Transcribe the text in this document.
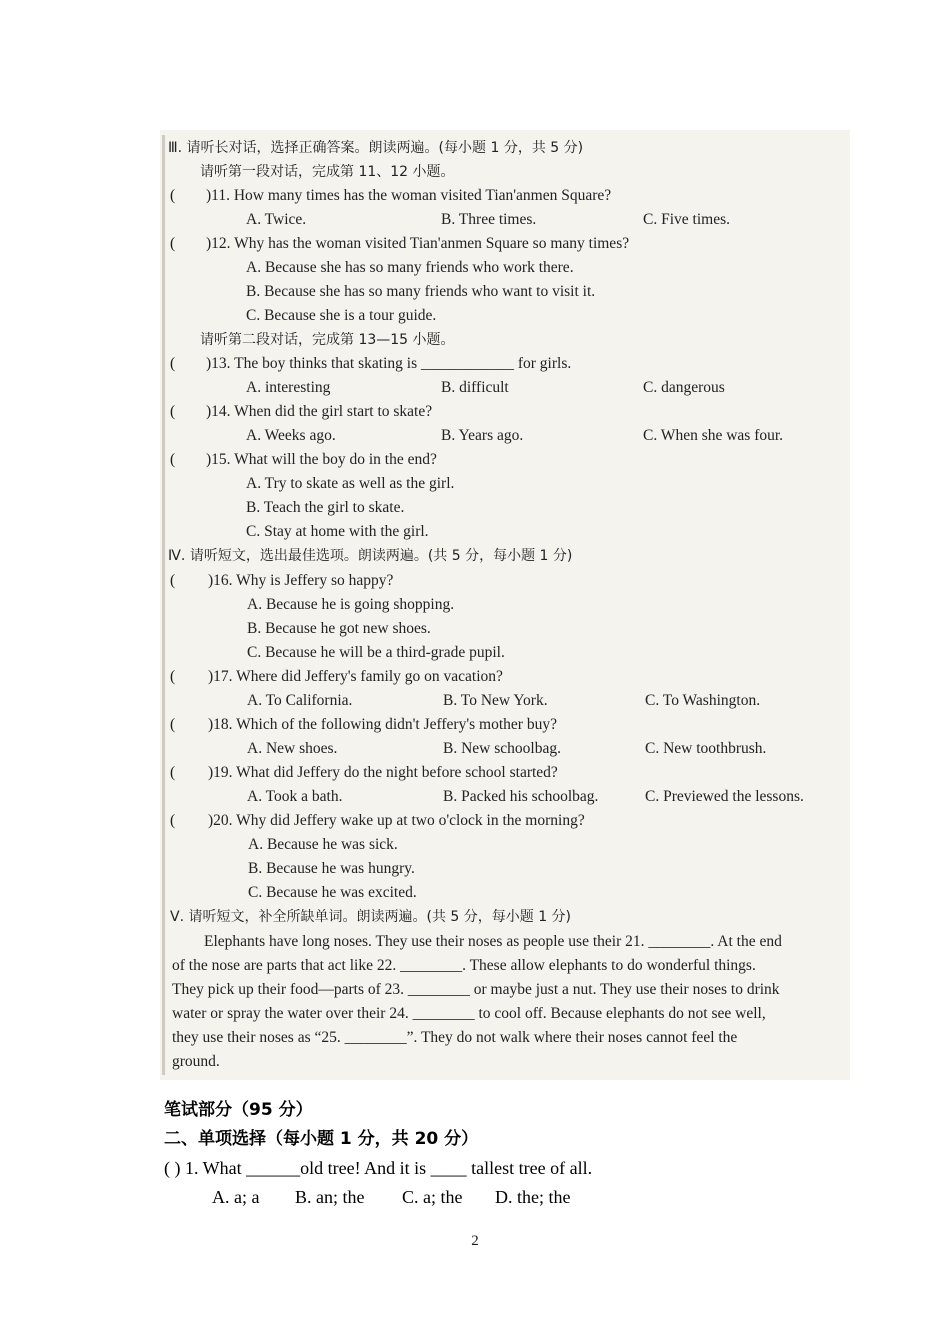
Ⅲ. 请听长对话，选择正确答案。朗读两遍。(每小题 1 分，共 5 分)
请听第一段对话，完成第 11、12 小题。
( )11. How many times has the woman visited Tian'anmen Square?
A. Twice.	B. Three times.	C. Five times.
( )12. Why has the woman visited Tian'anmen Square so many times?
A. Because she has so many friends who work there.
B. Because she has so many friends who want to visit it.
C. Because she is a tour guide.
请听第二段对话，完成第 13—15 小题。
( )13. The boy thinks that skating is ____________ for girls.
A. interesting	B. difficult	C. dangerous
( )14. When did the girl start to skate?
A. Weeks ago.	B. Years ago.	C. When she was four.
( )15. What will the boy do in the end?
A. Try to skate as well as the girl.
B. Teach the girl to skate.
C. Stay at home with the girl.
Ⅳ. 请听短文，选出最佳选项。朗读两遍。(共 5 分，每小题 1 分)
( )16. Why is Jeffery so happy?
A. Because he is going shopping.
B. Because he got new shoes.
C. Because he will be a third-grade pupil.
( )17. Where did Jeffery's family go on vacation?
A. To California.	B. To New York.	C. To Washington.
( )18. Which of the following didn't Jeffery's mother buy?
A. New shoes.	B. New schoolbag.	C. New toothbrush.
( )19. What did Jeffery do the night before school started?
A. Took a bath.	B. Packed his schoolbag.	C. Previewed the lessons.
( )20. Why did Jeffery wake up at two o'clock in the morning?
A. Because he was sick.
B. Because he was hungry.
C. Because he was excited.
Ⅴ. 请听短文，补全所缺单词。朗读两遍。(共 5 分，每小题 1 分)
Elephants have long noses. They use their noses as people use their 21. ________. At the end
of the nose are parts that act like 22. ________. These allow elephants to do wonderful things.
They pick up their food—parts of 23. ________ or maybe just a nut. They use their noses to drink
water or spray the water over their 24. ________ to cool off. Because elephants do not see well,
they use their noses as “25. ________”. They do not walk where their noses cannot feel the
ground.
笔试部分（95 分）
二、单项选择（每小题 1 分，共 20 分）
( ) 1. What ______old tree! And it is ____ tallest tree of all.
A. a; a B. an; the C. a; the D. the; the
2
